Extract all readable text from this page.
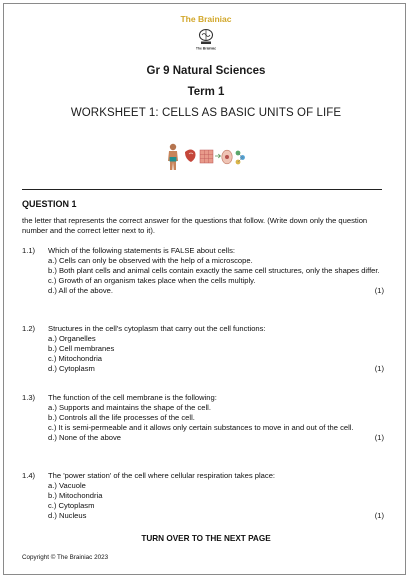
The Brainiac
The Brainiac
Gr 9 Natural Sciences
Term 1
WORKSHEET 1: CELLS AS BASIC UNITS OF LIFE
QUESTION 1
the letter that represents the correct answer for the questions that follow. (Write down only the question number and the correct letter next to it).
1.1) Which of the following statements is FALSE about cells:
a.) Cells can only be observed with the help of a microscope.
b.) Both plant cells and animal cells contain exactly the same cell structures, only the shapes differ.
c.) Growth of an organism takes place when the cells multiply.
d.) All of the above.	(1)
1.2) Structures in the cell's cytoplasm that carry out the cell functions:
a.) Organelles
b.) Cell membranes
c.) Mitochondria
d.) Cytoplasm	(1)
1.3) The function of the cell membrane is the following:
a.) Supports and maintains the shape of the cell.
b.) Controls all the life processes of the cell.
c.) It is semi-permeable and it allows only certain substances to move in and out of the cell.
d.) None of the above	(1)
1.4) The 'power station' of the cell where cellular respiration takes place:
a.) Vacuole
b.) Mitochondria
c.) Cytoplasm
d.) Nucleus	(1)
TURN OVER TO THE NEXT PAGE
Copyright © The Brainiac 2023
